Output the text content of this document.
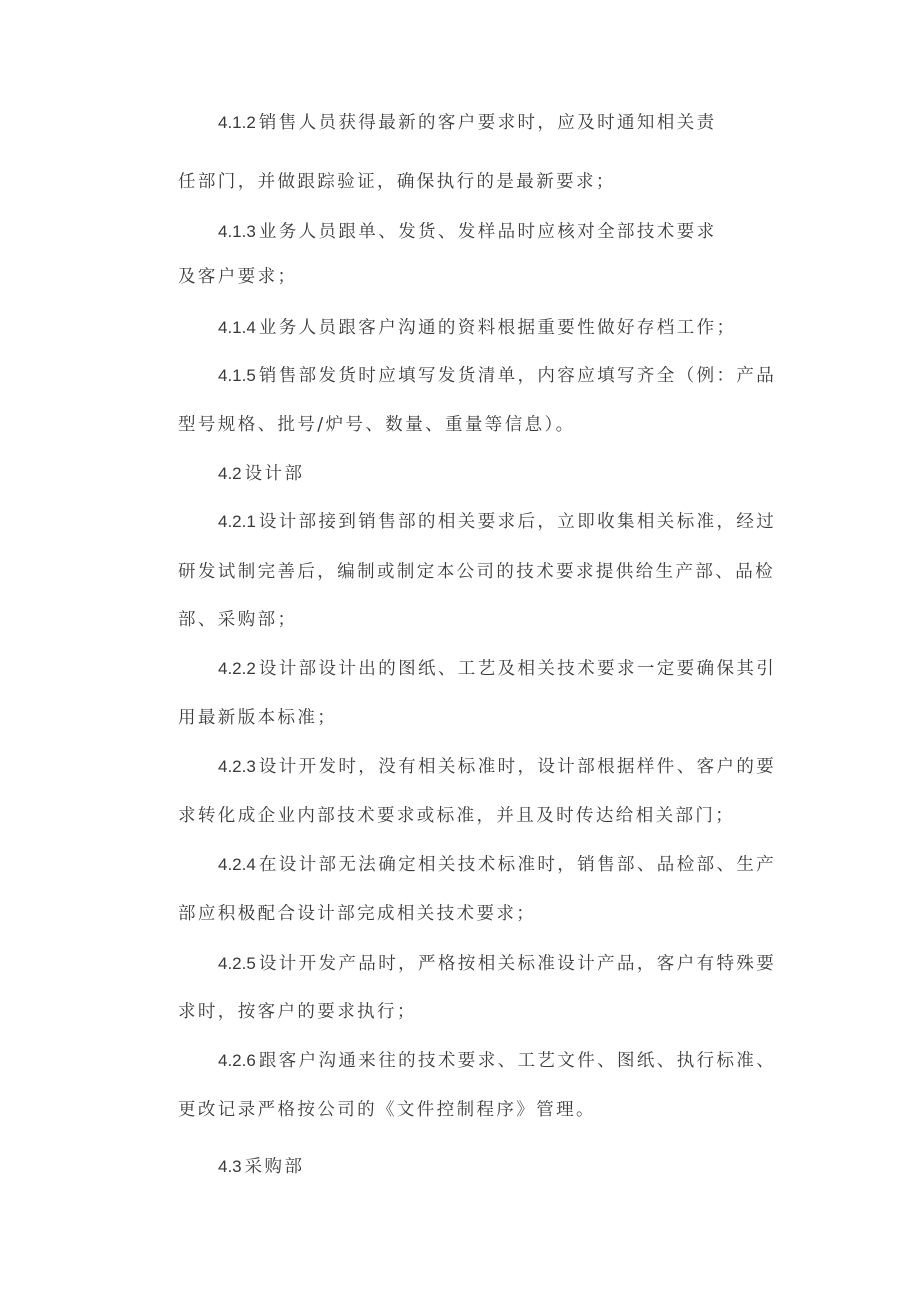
4.1.2 销售人员获得最新的客户要求时，应及时通知相关责
任部门，并做跟踪验证，确保执行的是最新要求；
4.1.3 业务人员跟单、发货、发样品时应核对全部技术要求
及客户要求；
4.1.4 业务人员跟客户沟通的资料根据重要性做好存档工作；
4.1.5 销售部发货时应填写发货清单，内容应填写齐全（例：产品
型号规格、批号/炉号、数量、重量等信息）。
4.2 设计部
4.2.1 设计部接到销售部的相关要求后，立即收集相关标准，经过
研发试制完善后，编制或制定本公司的技术要求提供给生产部、品检
部、采购部；
4.2.2 设计部设计出的图纸、工艺及相关技术要求一定要确保其引
用最新版本标准；
4.2.3 设计开发时，没有相关标准时，设计部根据样件、客户的要
求转化成企业内部技术要求或标准，并且及时传达给相关部门；
4.2.4 在设计部无法确定相关技术标准时，销售部、品检部、生产
部应积极配合设计部完成相关技术要求；
4.2.5 设计开发产品时，严格按相关标准设计产品，客户有特殊要
求时，按客户的要求执行；
4.2.6 跟客户沟通来往的技术要求、工艺文件、图纸、执行标准、
更改记录严格按公司的《文件控制程序》管理。
4.3 采购部
